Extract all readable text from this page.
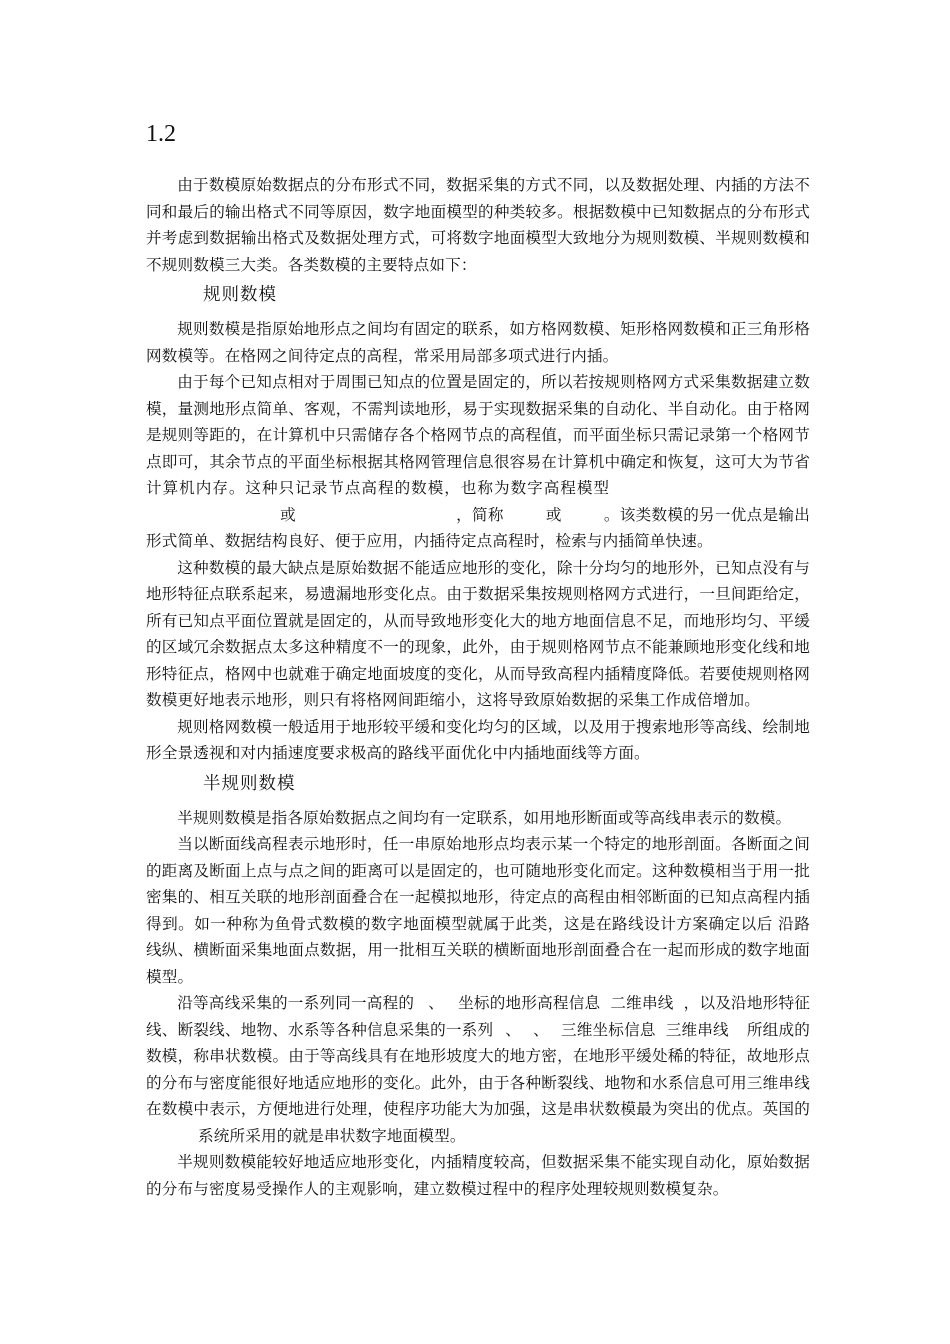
1.2

由于数模原始数据点的分布形式不同，数据采集的方式不同，以及数据处理、内插的方法不同和最后的输出格式不同等原因，数字地面模型的种类较多。根据数模中已知数据点的分布形式并考虑到数据输出格式及数据处理方式，可将数字地面模型大致地分为规则数模、半规则数模和不规则数模三大类。各类数模的主要特点如下：

规则数模

规则数模是指原始地形点之间均有固定的联系，如方格网数模、矩形格网数模和正三角形格网数模等。在格网之间待定点的高程，常采用局部多项式进行内插。

由于每个已知点相对于周围已知点的位置是固定的，所以若按规则格网方式采集数据建立数模，量测地形点简单、客观，不需判读地形，易于实现数据采集的自动化、半自动化。由于格网是规则等距的，在计算机中只需储存各个格网节点的高程值，而平面坐标只需记录第一个格网节点即可，其余节点的平面坐标根据其格网管理信息很容易在计算机中确定和恢复，这可大为节省计算机内存。这种只记录节点高程的数模，也称为数字高程模型或	，简称	或	。该类数模的另一优点是输出形式简单、数据结构良好、便于应用，内插待定点高程时，检索与内插简单快速。

这种数模的最大缺点是原始数据不能适应地形的变化，除十分均匀的地形外，已知点没有与地形特征点联系起来，易遗漏地形变化点。由于数据采集按规则格网方式进行，一旦间距给定，所有已知点平面位置就是固定的，从而导致地形变化大的地方地面信息不足，而地形均匀、平缓的区域冗余数据点太多这种精度不一的现象，此外，由于规则格网节点不能兼顾地形变化线和地形特征点，格网中也就难于确定地面坡度的变化，从而导致高程内插精度降低。若要使规则格网数模更好地表示地形，则只有将格网间距缩小，这将导致原始数据的采集工作成倍增加。

规则格网数模一般适用于地形较平缓和变化均匀的区域，以及用于搜索地形等高线、绘制地形全景透视和对内插速度要求极高的路线平面优化中内插地面线等方面。

半规则数模

半规则数模是指各原始数据点之间均有一定联系，如用地形断面或等高线串表示的数模。

当以断面线高程表示地形时，任一串原始地形点均表示某一个特定的地形剖面。各断面之间的距离及断面上点与点之间的距离可以是固定的，也可随地形变化而定。这种数模相当于用一批密集的、相互关联的地形剖面叠合在一起模拟地形，待定点的高程由相邻断面的已知点高程内插得到。如一种称为鱼骨式数模的数字地面模型就属于此类，这是在路线设计方案确定以后 沿路线纵、横断面采集地面点数据，用一批相互关联的横断面地形剖面叠合在一起而形成的数字地面模型。

沿等高线采集的一系列同一高程的 、 坐标的地形高程信息 二维串线 ，以及沿地形特征线、断裂线、地物、水系等各种信息采集的一系列 、 、 三维坐标信息 三维串线 所组成的数模，称串状数模。由于等高线具有在地形坡度大的地方密，在地形平缓处稀的特征，故地形点的分布与密度能很好地适应地形的变化。此外，由于各种断裂线、地物和水系信息可用三维串线在数模中表示，方便地进行处理，使程序功能大为加强，这是串状数模最为突出的优点。英国的系统所采用的就是串状数字地面模型。

半规则数模能较好地适应地形变化，内插精度较高，但数据采集不能实现自动化，原始数据的分布与密度易受操作人的主观影响，建立数模过程中的程序处理较规则数模复杂。
